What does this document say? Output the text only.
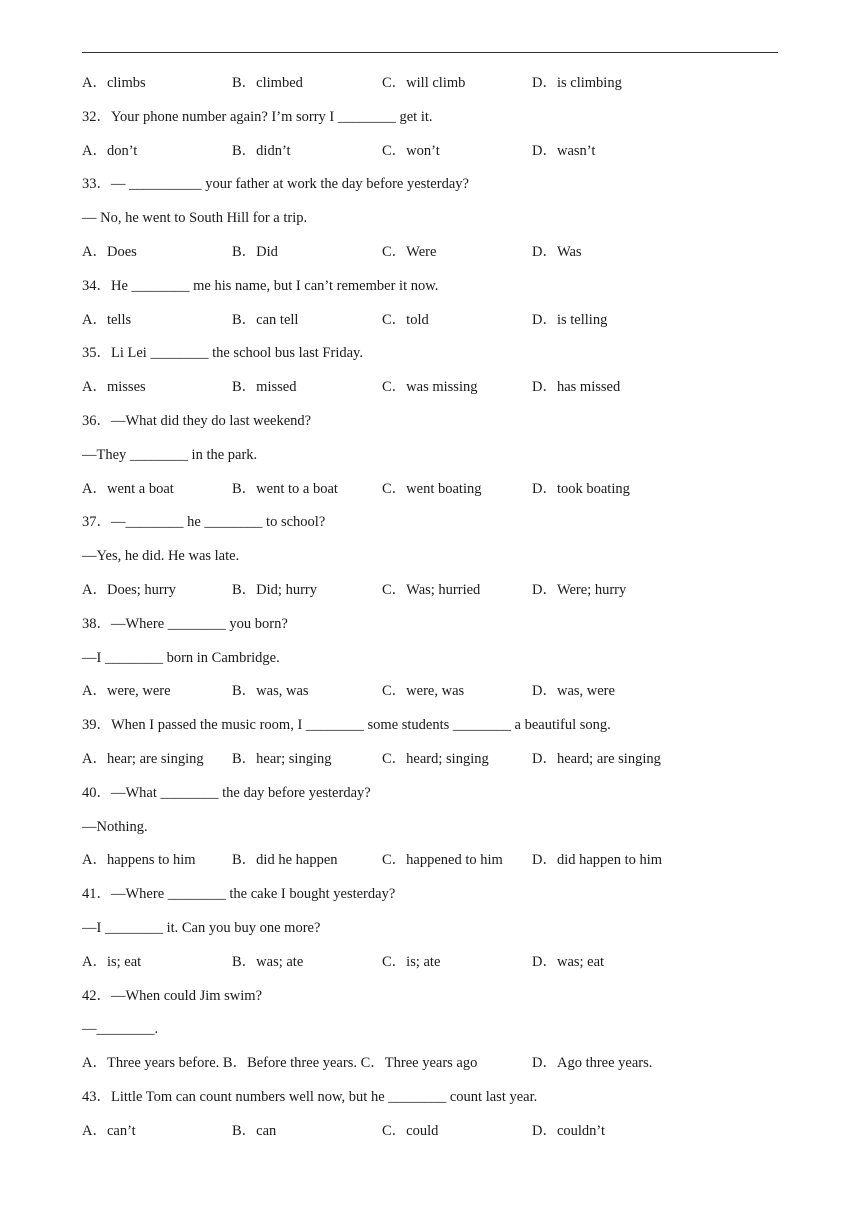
A．climbs	B．climbed	C．will climb	D．is climbing
32．Your phone number again? I’m sorry I ________ get it.
A．don’t	B．didn’t	C．won’t	D．wasn’t
33．— __________ your father at work the day before yesterday?
— No, he went to South Hill for a trip.
A．Does	B．Did	C．Were	D．Was
34．He ________ me his name, but I can’t remember it now.
A．tells	B．can tell	C．told	D．is telling
35．Li Lei ________ the school bus last Friday.
A．misses	B．missed	C．was missing	D．has missed
36．—What did they do last weekend?
—They ________ in the park.
A．went a boat	B．went to a boat	C．went boating	D．took boating
37．—________ he ________ to school?
—Yes, he did. He was late.
A．Does; hurry	B．Did; hurry	C．Was; hurried	D．Were; hurry
38．—Where ________ you born?
—I ________ born in Cambridge.
A．were, were	B．was, was	C．were, was	D．was, were
39．When I passed the music room, I ________ some students ________ a beautiful song.
A．hear; are singing	B．hear; singing	C．heard; singing	D．heard; are singing
40．—What ________ the day before yesterday?
—Nothing.
A．happens to him	B．did he happen	C．happened to him	D．did happen to him
41．—Where ________ the cake I bought yesterday?
—I ________ it. Can you buy one more?
A．is; eat	B．was; ate	C．is; ate	D．was; eat
42．—When could Jim swim?
—________.
A．Three years before. B．Before three years. C．Three years ago	D．Ago three years.
43．Little Tom can count numbers well now, but he ________ count last year.
A．can’t	B．can	C．could	D．couldn’t
